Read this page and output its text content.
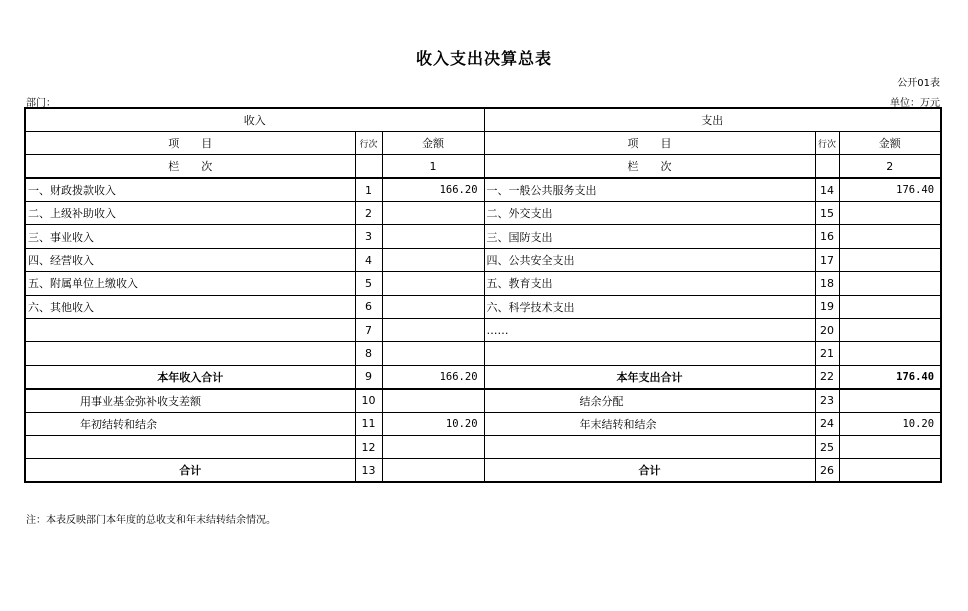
收入支出决算总表
公开01表
部门：	单位：万元
收入			支出		
项　　目	行次	金额	项　　目	行次	金额
栏　　次		1	栏　　次		2
一、财政拨款收入	1	166.20	一、一般公共服务支出	14	176.40
二、上级补助收入	2		二、外交支出	15	
三、事业收入	3		三、国防支出	16	
四、经营收入	4		四、公共安全支出	17	
五、附属单位上缴收入	5		五、教育支出	18	
六、其他收入	6		六、科学技术支出	19	
	7		……	20	
	8			21	
本年收入合计	9	166.20	本年支出合计	22	176.40
用事业基金弥补收支差额	10		结余分配	23	
年初结转和结余	11	10.20	年末结转和结余	24	10.20
	12			25	
合计	13		合计	26	
注：本表反映部门本年度的总收支和年末结转结余情况。
